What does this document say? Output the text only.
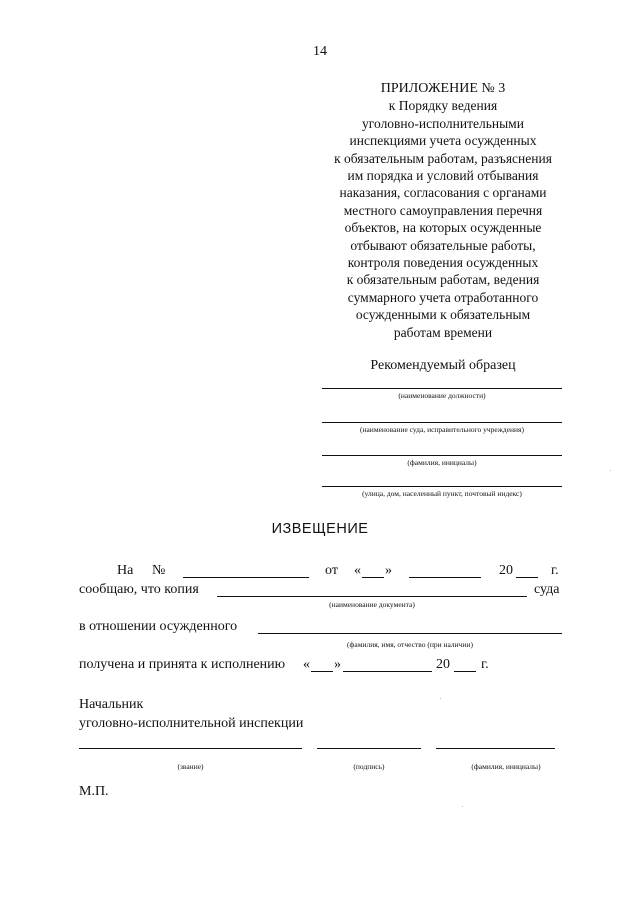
14
ПРИЛОЖЕНИЕ № 3
к Порядку ведения
уголовно-исполнительными
инспекциями учета осужденных
к обязательным работам, разъяснения
им порядка и условий отбывания
наказания, согласования с органами
местного самоуправления перечня
объектов, на которых осужденные
отбывают обязательные работы,
контроля поведения осужденных
к обязательным работам, ведения
суммарного учета отработанного
осужденными к обязательным
работам времени
Рекомендуемый образец
(наименование должности)
(наименование суда, исправительного учреждения)
(фамилия, инициалы)
(улица, дом, населенный пункт, почтовый индекс)
ИЗВЕЩЕНИЕ
На №	от « »	20	г.
сообщаю, что копия	суда
(наименование документа)
в отношении осужденного
(фамилия, имя, отчество (при наличии)
получена и принята к исполнению « »	20 г.
Начальник
уголовно-исполнительной инспекции
(звание)	(подпись)	(фамилия, инициалы)
М.П.
